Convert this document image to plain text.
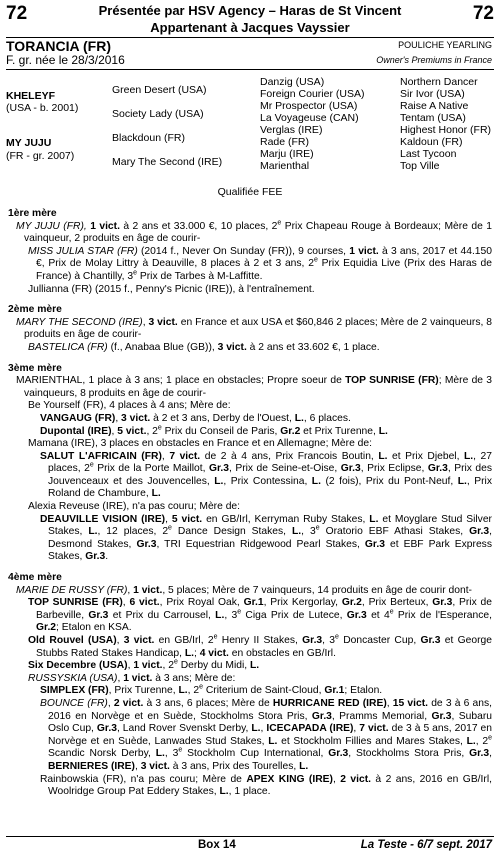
72	72
Présentée par HSV Agency – Haras de St Vincent
Appartenant à Jacques Vayssier
TORANCIA (FR)
F. gr. née le 28/3/2016
POULICHE YEARLING
Owner's Premiums in France
KHELEYF
(USA - b. 2001)
MY JUJU
(FR - gr. 2007)
Green Desert (USA)
Society Lady (USA)
Blackdoun (FR)
Mary The Second (IRE)
Danzig (USA)
Foreign Courier (USA)
Mr Prospector (USA)
La Voyageuse (CAN)
Verglas (IRE)
Rade (FR)
Marju (IRE)
Marienthal
Northern Dancer
Sir Ivor (USA)
Raise A Native
Tentam (USA)
Highest Honor (FR)
Kaldoun (FR)
Last Tycoon
Top Ville
Qualifiée FEE

1ère mère

MY JUJU (FR), 1 vict. à 2 ans et 33.000 €, 10 places, 2e Prix Chapeau Rouge à Bordeaux; Mère de 1 vainqueur, 2 produits en âge de courir-

MISS JULIA STAR (FR) (2014 f., Never On Sunday (FR)), 9 courses, 1 vict. à 3 ans, 2017 et 44.150 €, Prix de Molay Littry à Deauville, 8 places à 2 et 3 ans, 2e Prix Equidia Live (Prix des Haras de France) à Chantilly, 3e Prix de Tarbes à M-Laffitte.

Jullianna (FR) (2015 f., Penny's Picnic (IRE)), à l'entraînement.

2ème mère

MARY THE SECOND (IRE), 3 vict. en France et aux USA et $60,846 2 places; Mère de 2 vainqueurs, 8 produits en âge de courir-

BASTELICA (FR) (f., Anabaa Blue (GB)), 3 vict. à 2 ans et 33.602 €, 1 place.

3ème mère

MARIENTHAL, 1 place à 3 ans; 1 place en obstacles; Propre soeur de TOP SUNRISE (FR); Mère de 3 vainqueurs, 8 produits en âge de courir-

Be Yourself (FR), 4 places à 4 ans; Mère de:

VANGAUG (FR), 3 vict. à 2 et 3 ans, Derby de l'Ouest, L., 6 places.

Dupontal (IRE), 5 vict., 2e Prix du Conseil de Paris, Gr.2 et Prix Turenne, L.

Mamana (IRE), 3 places en obstacles en France et en Allemagne; Mère de:

SALUT L'AFRICAIN (FR), 7 vict. de 2 à 4 ans, Prix Francois Boutin, L. et Prix Djebel, L., 27 places, 2e Prix de la Porte Maillot, Gr.3, Prix de Seine-et-Oise, Gr.3, Prix Eclipse, Gr.3, Prix des Jouvenceaux et des Jouvencelles, L., Prix Contessina, L. (2 fois), Prix du Pont-Neuf, L., Prix Roland de Chambure, L.

Alexia Reveuse (IRE), n'a pas couru; Mère de:

DEAUVILLE VISION (IRE), 5 vict. en GB/Irl, Kerryman Ruby Stakes, L. et Moyglare Stud Silver Stakes, L., 12 places, 2e Dance Design Stakes, L., 3e Oratorio EBF Athasi Stakes, Gr.3, Desmond Stakes, Gr.3, TRI Equestrian Ridgewood Pearl Stakes, Gr.3 et EBF Park Express Stakes, Gr.3.

4ème mère

MARIE DE RUSSY (FR), 1 vict., 5 places; Mère de 7 vainqueurs, 14 produits en âge de courir dont-

TOP SUNRISE (FR), 6 vict., Prix Royal Oak, Gr.1, Prix Kergorlay, Gr.2, Prix Berteux, Gr.3, Prix de Barbeville, Gr.3 et Prix du Carrousel, L., 3e Ciga Prix de Lutece, Gr.3 et 4e Prix de l'Esperance, Gr.2; Etalon en KSA.

Old Rouvel (USA), 3 vict. en GB/Irl, 2e Henry II Stakes, Gr.3, 3e Doncaster Cup, Gr.3 et George Stubbs Rated Stakes Handicap, L.; 4 vict. en obstacles en GB/Irl.

Six Decembre (USA), 1 vict., 2e Derby du Midi, L.

RUSSYSKIA (USA), 1 vict. à 3 ans; Mère de:

SIMPLEX (FR), Prix Turenne, L., 2e Criterium de Saint-Cloud, Gr.1; Etalon.

BOUNCE (FR), 2 vict. à 3 ans, 6 places; Mère de HURRICANE RED (IRE), 15 vict. de 3 à 6 ans, 2016 en Norvège et en Suède, Stockholms Stora Pris, Gr.3, Pramms Memorial, Gr.3, Subaru Oslo Cup, Gr.3, Land Rover Svenskt Derby, L., ICECAPADA (IRE), 7 vict. de 3 à 5 ans, 2017 en Norvège et en Suède, Lanwades Stud Stakes, L. et Stockholm Fillies and Mares Stakes, L., 2e Scandic Norsk Derby, L., 3e Stockholm Cup International, Gr.3, Stockholms Stora Pris, Gr.3, BERNIERES (IRE), 3 vict. à 3 ans, Prix des Tourelles, L.

Rainbowskia (FR), n'a pas couru; Mère de APEX KING (IRE), 2 vict. à 2 ans, 2016 en GB/Irl, Woolridge Group Pat Eddery Stakes, L., 1 place.

Box 14	La Teste - 6/7 sept. 2017
